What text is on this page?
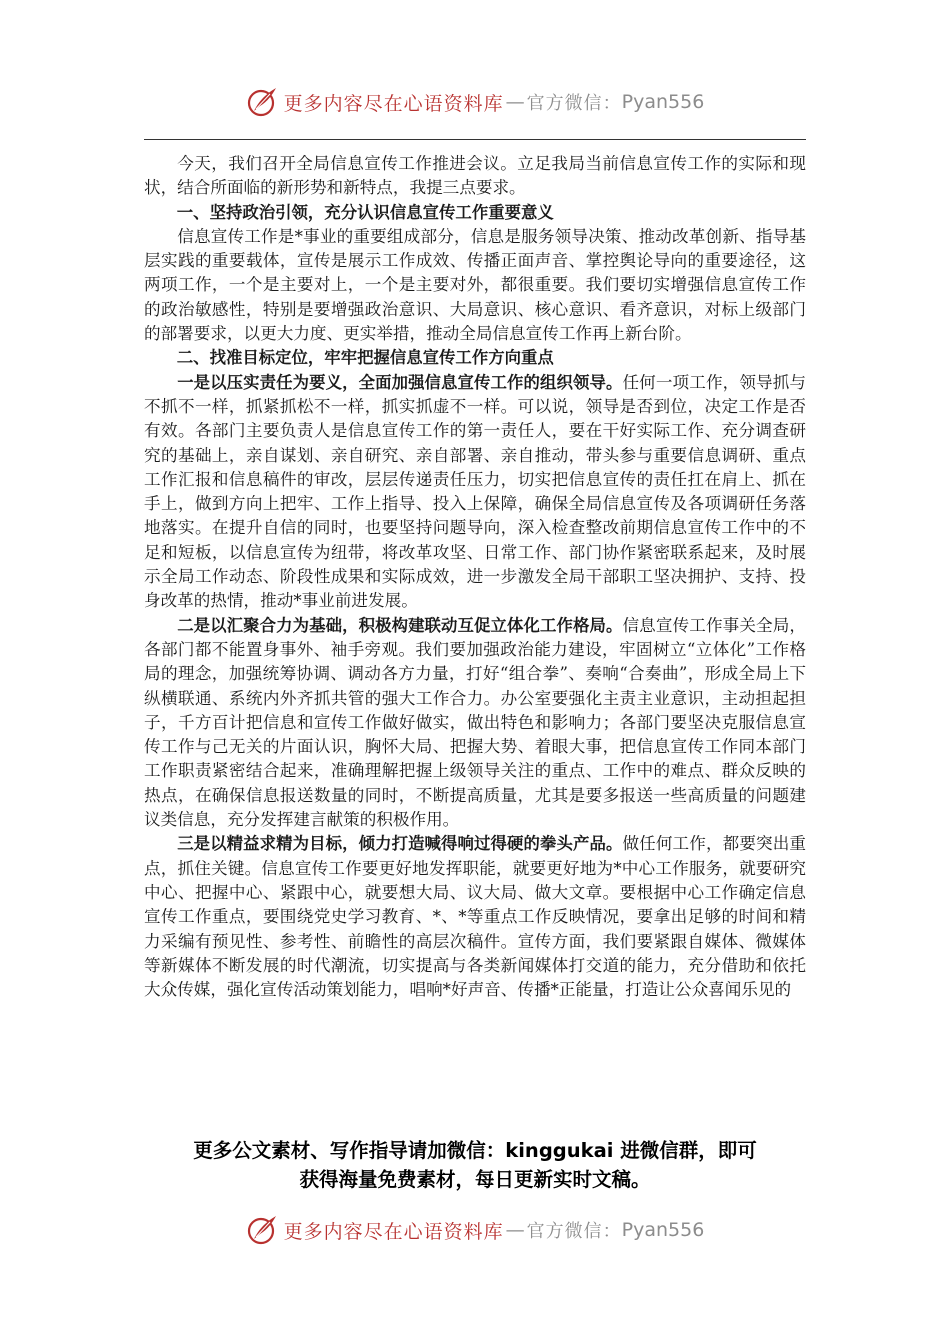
更多内容尽在心语资料库 — 官方微信： Pyan556

今天，我们召开全局信息宣传工作推进会议。立足我局当前信息宣传工作的实际和现状，结合所面临的新形势和新特点，我提三点要求。

一、坚持政治引领，充分认识信息宣传工作重要意义

信息宣传工作是*事业的重要组成部分，信息是服务领导决策、推动改革创新、指导基层实践的重要载体，宣传是展示工作成效、传播正面声音、掌控舆论导向的重要途径，这两项工作，一个是主要对上，一个是主要对外，都很重要。我们要切实增强信息宣传工作的政治敏感性，特别是要增强政治意识、大局意识、核心意识、看齐意识，对标上级部门的部署要求，以更大力度、更实举措，推动全局信息宣传工作再上新台阶。

二、找准目标定位，牢牢把握信息宣传工作方向重点

一是以压实责任为要义，全面加强信息宣传工作的组织领导。任何一项工作，领导抓与不抓不一样，抓紧抓松不一样，抓实抓虚不一样。可以说，领导是否到位，决定工作是否有效。各部门主要负责人是信息宣传工作的第一责任人，要在干好实际工作、充分调查研究的基础上，亲自谋划、亲自研究、亲自部署、亲自推动，带头参与重要信息调研、重点工作汇报和信息稿件的审改，层层传递责任压力，切实把信息宣传的责任扛在肩上、抓在手上，做到方向上把牢、工作上指导、投入上保障，确保全局信息宣传及各项调研任务落地落实。在提升自信的同时，也要坚持问题导向，深入检查整改前期信息宣传工作中的不足和短板，以信息宣传为纽带，将改革攻坚、日常工作、部门协作紧密联系起来，及时展示全局工作动态、阶段性成果和实际成效，进一步激发全局干部职工坚决拥护、支持、投身改革的热情，推动*事业前进发展。

二是以汇聚合力为基础，积极构建联动互促立体化工作格局。信息宣传工作事关全局，各部门都不能置身事外、袖手旁观。我们要加强政治能力建设，牢固树立“立体化”工作格局的理念，加强统筹协调、调动各方力量，打好“组合拳”、奏响“合奏曲”，形成全局上下纵横联通、系统内外齐抓共管的强大工作合力。办公室要强化主责主业意识，主动担起担子，千方百计把信息和宣传工作做好做实，做出特色和影响力；各部门要坚决克服信息宣传工作与己无关的片面认识，胸怀大局、把握大势、着眼大事，把信息宣传工作同本部门工作职责紧密结合起来，准确理解把握上级领导关注的重点、工作中的难点、群众反映的热点，在确保信息报送数量的同时，不断提高质量，尤其是要多报送一些高质量的问题建议类信息，充分发挥建言献策的积极作用。

三是以精益求精为目标，倾力打造喊得响过得硬的拳头产品。做任何工作，都要突出重点，抓住关键。信息宣传工作要更好地发挥职能，就要更好地为*中心工作服务，就要研究中心、把握中心、紧跟中心，就要想大局、议大局、做大文章。要根据中心工作确定信息宣传工作重点，要围绕党史学习教育、*、*等重点工作反映情况，要拿出足够的时间和精力采编有预见性、参考性、前瞻性的高层次稿件。宣传方面，我们要紧跟自媒体、微媒体等新媒体不断发展的时代潮流，切实提高与各类新闻媒体打交道的能力，充分借助和依托大众传媒，强化宣传活动策划能力，唱响*好声音、传播*正能量，打造让公众喜闻乐见的

更多公文素材、写作指导请加微信：kinggukai 进微信群，即可
获得海量免费素材，每日更新实时文稿。
更多内容尽在心语资料库 — 官方微信： Pyan556
